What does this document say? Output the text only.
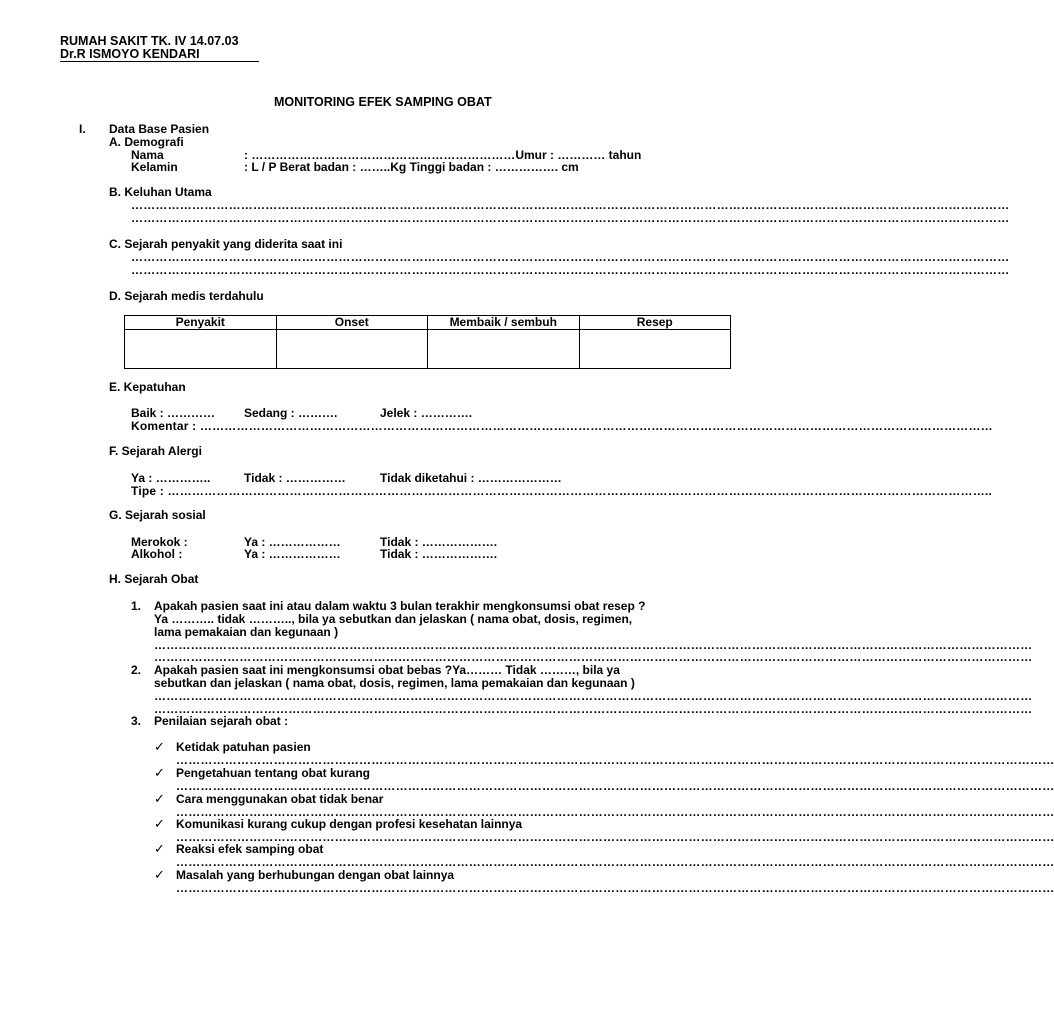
RUMAH SAKIT TK. IV 14.07.03
Dr.R ISMOYO KENDARI
MONITORING EFEK SAMPING OBAT
I. Data Base Pasien
A. Demografi
Nama	: …………………………………………………………Umur : ………… tahun
Kelamin	: L / P Berat badan : ……..Kg Tinggi badan : ……………. cm
B. Keluhan Utama
………………………………………………………………………………………………………………………………………………………………………………………………
………………………………………………………………………………………………………………………………………………………………………………………………
C. Sejarah penyakit yang diderita saat ini
………………………………………………………………………………………………………………………………………………………………………………………………
………………………………………………………………………………………………………………………………………………………………………………………………
D. Sejarah medis terdahulu
Penyakit	Onset	Membaik / sembuh	Resep

E. Kepatuhan
Baik : ………… Sedang : ……….	Jelek : ………….
Komentar : ……………………………………………………………………………………………………………………………………………………………………………
F. Sejarah Alergi
Ya : …………..	Tidak : ……………	Tidak diketahui : …………………
Tipe : …………………………………………………………………………………………………………………………………………………………………………………..
G. Sejarah sosial
Merokok :	Ya : ………………	Tidak : ……………….
Alkohol :	Ya : ………………	Tidak : ……………….
H. Sejarah Obat
1. Apakah pasien saat ini atau dalam waktu 3 bulan terakhir mengkonsumsi obat resep ?
Ya ……….. tidak ……….., bila ya sebutkan dan jelaskan ( nama obat, dosis, regimen,
lama pemakaian dan kegunaan )
………………………………………………………………………………………………………………………………………………………………………………………………
………………………………………………………………………………………………………………………………………………………………………………………………
2. Apakah pasien saat ini mengkonsumsi obat bebas ?Ya……… Tidak ………, bila ya
sebutkan dan jelaskan ( nama obat, dosis, regimen, lama pemakaian dan kegunaan )
………………………………………………………………………………………………………………………………………………………………………………………………
………………………………………………………………………………………………………………………………………………………………………………………………
3. Penilaian sejarah obat :
✓ Ketidak patuhan pasien
………………………………………………………………………………………………………………………………………………………………………………………………
✓ Pengetahuan tentang obat kurang
………………………………………………………………………………………………………………………………………………………………………………………………
✓ Cara menggunakan obat tidak benar
………………………………………………………………………………………………………………………………………………………………………………………………
✓ Komunikasi kurang cukup dengan profesi kesehatan lainnya
………………………………………………………………………………………………………………………………………………………………………………………………
✓ Reaksi efek samping obat
………………………………………………………………………………………………………………………………………………………………………………………………
✓ Masalah yang berhubungan dengan obat lainnya
………………………………………………………………………………………………………………………………………………………………………………………………
